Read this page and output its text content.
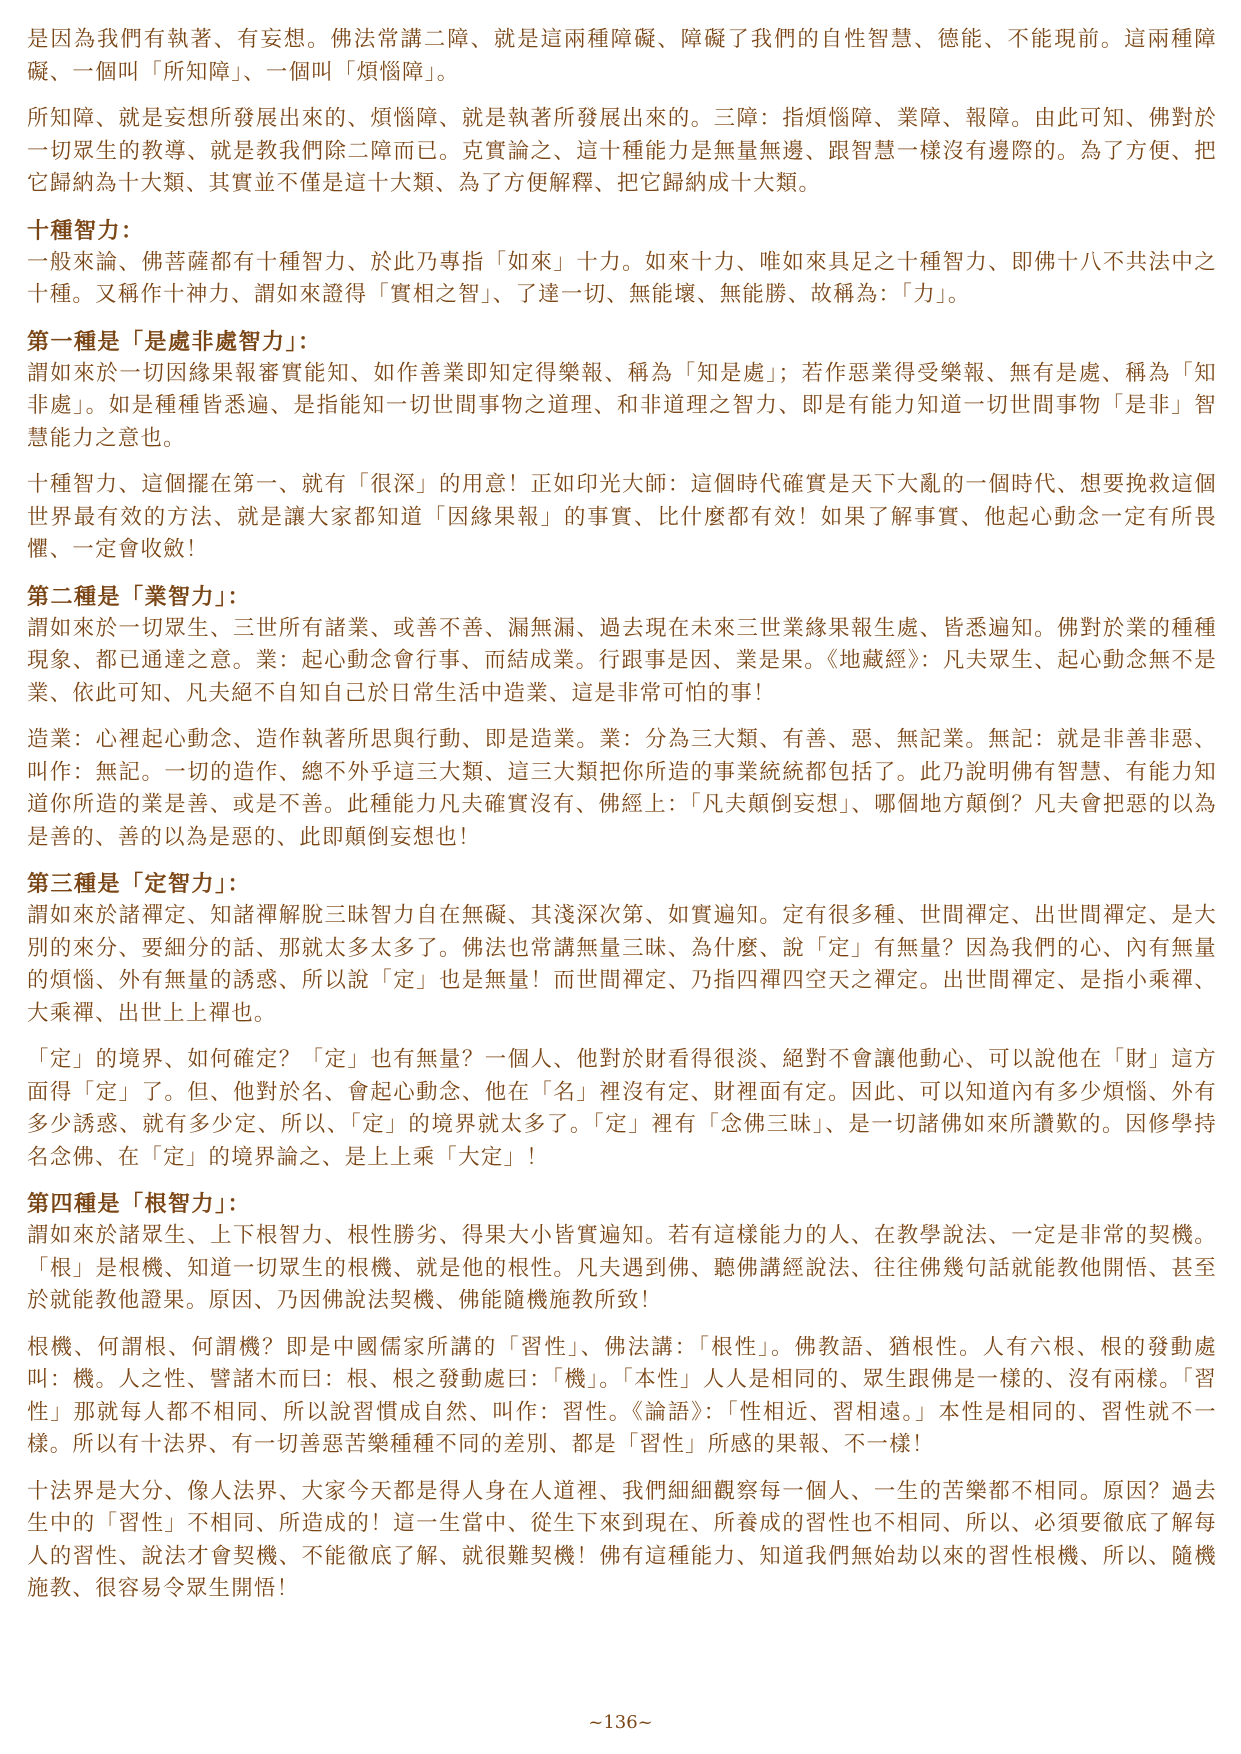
是因為我們有執著、有妄想。佛法常講二障、就是這兩種障礙、障礙了我們的自性智慧、德能、不能現前。這兩種障礙、一個叫「所知障」、一個叫「煩惱障」。

所知障、就是妄想所發展出來的、煩惱障、就是執著所發展出來的。三障：指煩惱障、業障、報障。由此可知、佛對於一切眾生的教導、就是教我們除二障而已。克實論之、這十種能力是無量無邊、跟智慧一樣沒有邊際的。為了方便、把它歸納為十大類、其實並不僅是這十大類、為了方便解釋、把它歸納成十大類。

十種智力：

一般來論、佛菩薩都有十種智力、於此乃專指「如來」十力。如來十力、唯如來具足之十種智力、即佛十八不共法中之十種。又稱作十神力、謂如來證得「實相之智」、了達一切、無能壞、無能勝、故稱為：「力」。

第一種是「是處非處智力」：

謂如來於一切因緣果報審實能知、如作善業即知定得樂報、稱為「知是處」；若作惡業得受樂報、無有是處、稱為「知非處」。如是種種皆悉遍、是指能知一切世間事物之道理、和非道理之智力、即是有能力知道一切世間事物「是非」智慧能力之意也。

十種智力、這個擺在第一、就有「很深」的用意！正如印光大師：這個時代確實是天下大亂的一個時代、想要挽救這個世界最有效的方法、就是讓大家都知道「因緣果報」的事實、比什麼都有效！如果了解事實、他起心動念一定有所畏懼、一定會收斂！

第二種是「業智力」：

謂如來於一切眾生、三世所有諸業、或善不善、漏無漏、過去現在未來三世業緣果報生處、皆悉遍知。佛對於業的種種現象、都已通達之意。業：起心動念會行事、而結成業。行跟事是因、業是果。《地藏經》：凡夫眾生、起心動念無不是業、依此可知、凡夫絕不自知自己於日常生活中造業、這是非常可怕的事！

造業：心裡起心動念、造作執著所思與行動、即是造業。業：分為三大類、有善、惡、無記業。無記：就是非善非惡、叫作：無記。一切的造作、總不外乎這三大類、這三大類把你所造的事業統統都包括了。此乃說明佛有智慧、有能力知道你所造的業是善、或是不善。此種能力凡夫確實沒有、佛經上：「凡夫顛倒妄想」、哪個地方顛倒？凡夫會把惡的以為是善的、善的以為是惡的、此即顛倒妄想也！

第三種是「定智力」：

謂如來於諸禪定、知諸禪解脫三昧智力自在無礙、其淺深次第、如實遍知。定有很多種、世間禪定、出世間禪定、是大別的來分、要細分的話、那就太多太多了。佛法也常講無量三昧、為什麼、說「定」有無量？因為我們的心、內有無量的煩惱、外有無量的誘惑、所以說「定」也是無量！而世間禪定、乃指四禪四空天之禪定。出世間禪定、是指小乘禪、大乘禪、出世上上禪也。

「定」的境界、如何確定？「定」也有無量？一個人、他對於財看得很淡、絕對不會讓他動心、可以說他在「財」這方面得「定」了。但、他對於名、會起心動念、他在「名」裡沒有定、財裡面有定。因此、可以知道內有多少煩惱、外有多少誘惑、就有多少定、所以、「定」的境界就太多了。「定」裡有「念佛三昧」、是一切諸佛如來所讚歎的。因修學持名念佛、在「定」的境界論之、是上上乘「大定」！

第四種是「根智力」：

謂如來於諸眾生、上下根智力、根性勝劣、得果大小皆實遍知。若有這樣能力的人、在教學說法、一定是非常的契機。「根」是根機、知道一切眾生的根機、就是他的根性。凡夫遇到佛、聽佛講經說法、往往佛幾句話就能教他開悟、甚至於就能教他證果。原因、乃因佛說法契機、佛能隨機施教所致！

根機、何謂根、何謂機？即是中國儒家所講的「習性」、佛法講：「根性」。佛教語、猶根性。人有六根、根的發動處叫：機。人之性、譬諸木而曰：根、根之發動處曰：「機」。「本性」人人是相同的、眾生跟佛是一樣的、沒有兩樣。「習性」那就每人都不相同、所以說習慣成自然、叫作：習性。《論語》：「性相近、習相遠。」本性是相同的、習性就不一樣。所以有十法界、有一切善惡苦樂種種不同的差別、都是「習性」所感的果報、不一樣！

十法界是大分、像人法界、大家今天都是得人身在人道裡、我們細細觀察每一個人、一生的苦樂都不相同。原因？過去生中的「習性」不相同、所造成的！這一生當中、從生下來到現在、所養成的習性也不相同、所以、必須要徹底了解每人的習性、說法才會契機、不能徹底了解、就很難契機！佛有這種能力、知道我們無始劫以來的習性根機、所以、隨機施教、很容易令眾生開悟！

~136~
